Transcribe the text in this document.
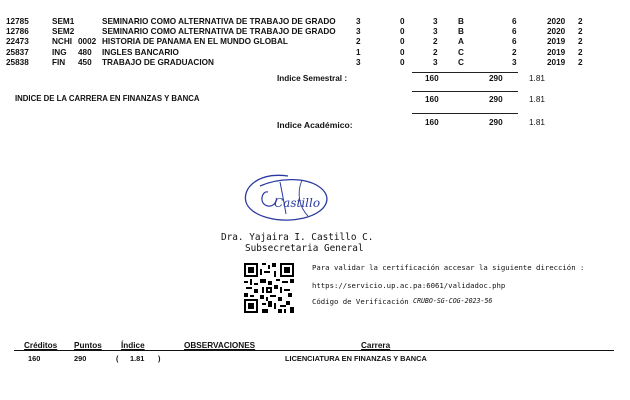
12785	SEM1	SEMINARIO COMO ALTERNATIVA DE TRABAJO DE GRADO 3	0	3 B	6	2020 2
12786	SEM2	SEMINARIO COMO ALTERNATIVA DE TRABAJO DE GRADO 3	0	3 B	6	2020 2
22473	NCHI 0002 HISTORIA DE PANAMA EN EL MUNDO GLOBAL	2	0	2 A	6	2019 2
25837	ING 480 INGLES BANCARIO	1	0	2 C	2	2019 2
25838	FIN 450 TRABAJO DE GRADUACION	3	0	3 C	3	2019 2
Indice Semestral :	160	290	1.81
INDICE DE LA CARRERA EN FINANZAS Y BANCA	160	290	1.81
Indice Académico:	160	290	1.81
Castillo
Dra. Yajaira I. Castillo C.
Subsecretaria General
Para validar la certificación accesar la siguiente dirección :
https://servicio.up.ac.pa:6061/validadoc.php
Código de Verificación CRUBO-SG-COG-2023-56
Créditos Puntos Índice	OBSERVACIONES	Carrera
160	290	( 1.81 )	LICENCIATURA EN FINANZAS Y BANCA
